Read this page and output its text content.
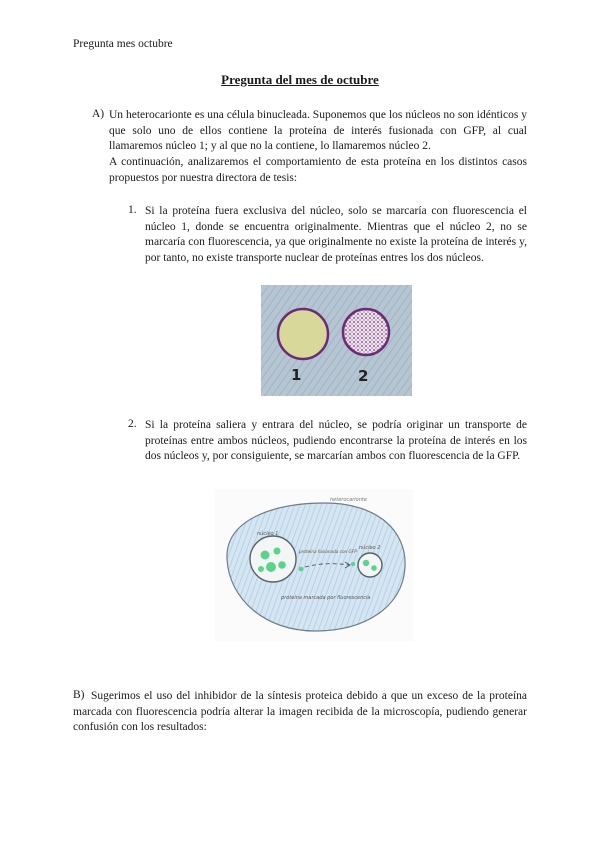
Pregunta mes octubre
Pregunta del mes de octubre
A) Un heterocarionte es una célula binucleada. Suponemos que los núcleos no son idénticos y que solo uno de ellos contiene la proteína de interés fusionada con GFP, al cual llamaremos núcleo 1; y al que no la contiene, lo llamaremos núcleo 2.
A continuación, analizaremos el comportamiento de esta proteína en los distintos casos propuestos por nuestra directora de tesis:
1. Si la proteína fuera exclusiva del núcleo, solo se marcaría con fluorescencia el núcleo 1, donde se encuentra originalmente. Mientras que el núcleo 2, no se marcaría con fluorescencia, ya que originalmente no existe la proteína de interés y, por tanto, no existe transporte nuclear de proteínas entres los dos núcleos.
1	2
2. Si la proteína saliera y entrara del núcleo, se podría originar un transporte de proteínas entre ambos núcleos, pudiendo encontrarse la proteína de interés en los dos núcleos y, por consiguiente, se marcarían ambos con fluorescencia de la GFP.
heterocarionte
núcleo 1
proteína fusionada con GFP
núcleo 2
proteína marcada por fluorescencia
B) Sugerimos el uso del inhibidor de la síntesis proteica debido a que un exceso de la proteína marcada con fluorescencia podría alterar la imagen recibida de la microscopía, pudiendo generar confusión con los resultados:
